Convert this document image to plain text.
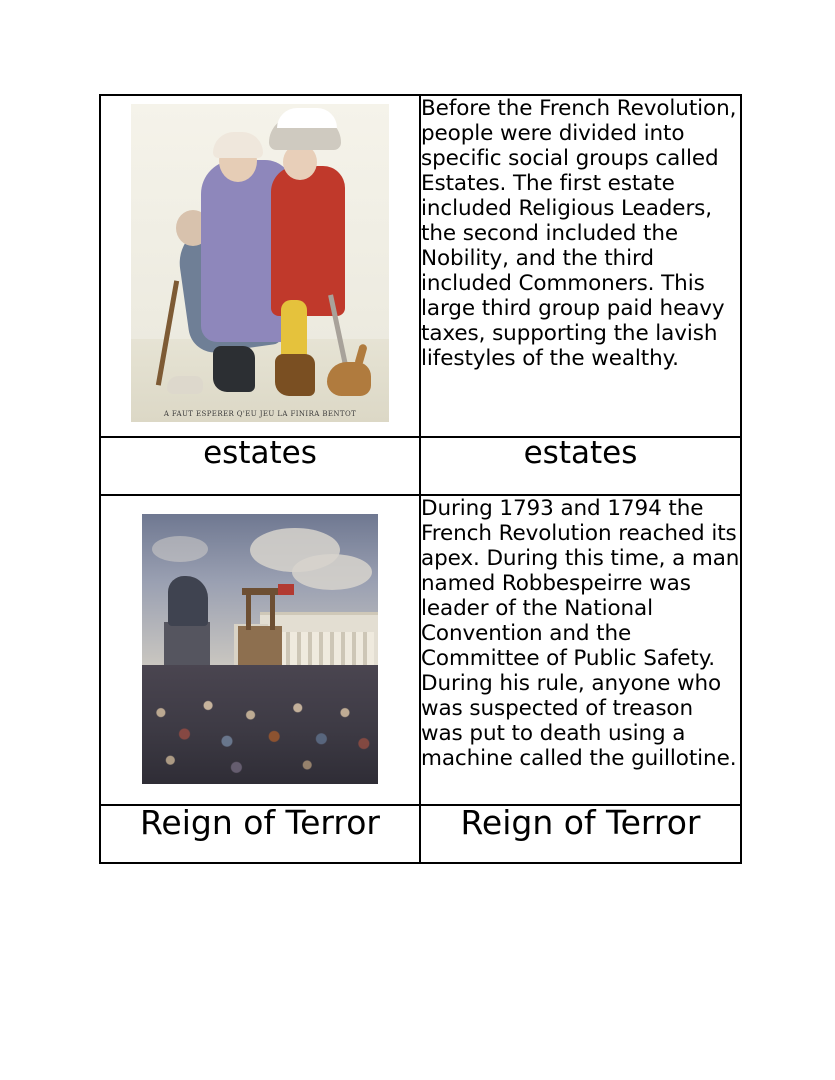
A FAUT ESPERER Q'EU JEU LA FINIRA BENTOT	Before the French Revolution, people were divided into specific social groups called Estates. The first estate included Religious Leaders, the second included the Nobility, and the third included Commoners. This large third group paid heavy taxes, supporting the lavish lifestyles of the wealthy.

estates	estates

	During 1793 and 1794 the French Revolution reached its apex. During this time, a man named Robbespeirre was leader of the National Convention and the Committee of Public Safety. During his rule, anyone who was suspected of treason was put to death using a machine called the guillotine.

Reign of Terror	Reign of Terror
